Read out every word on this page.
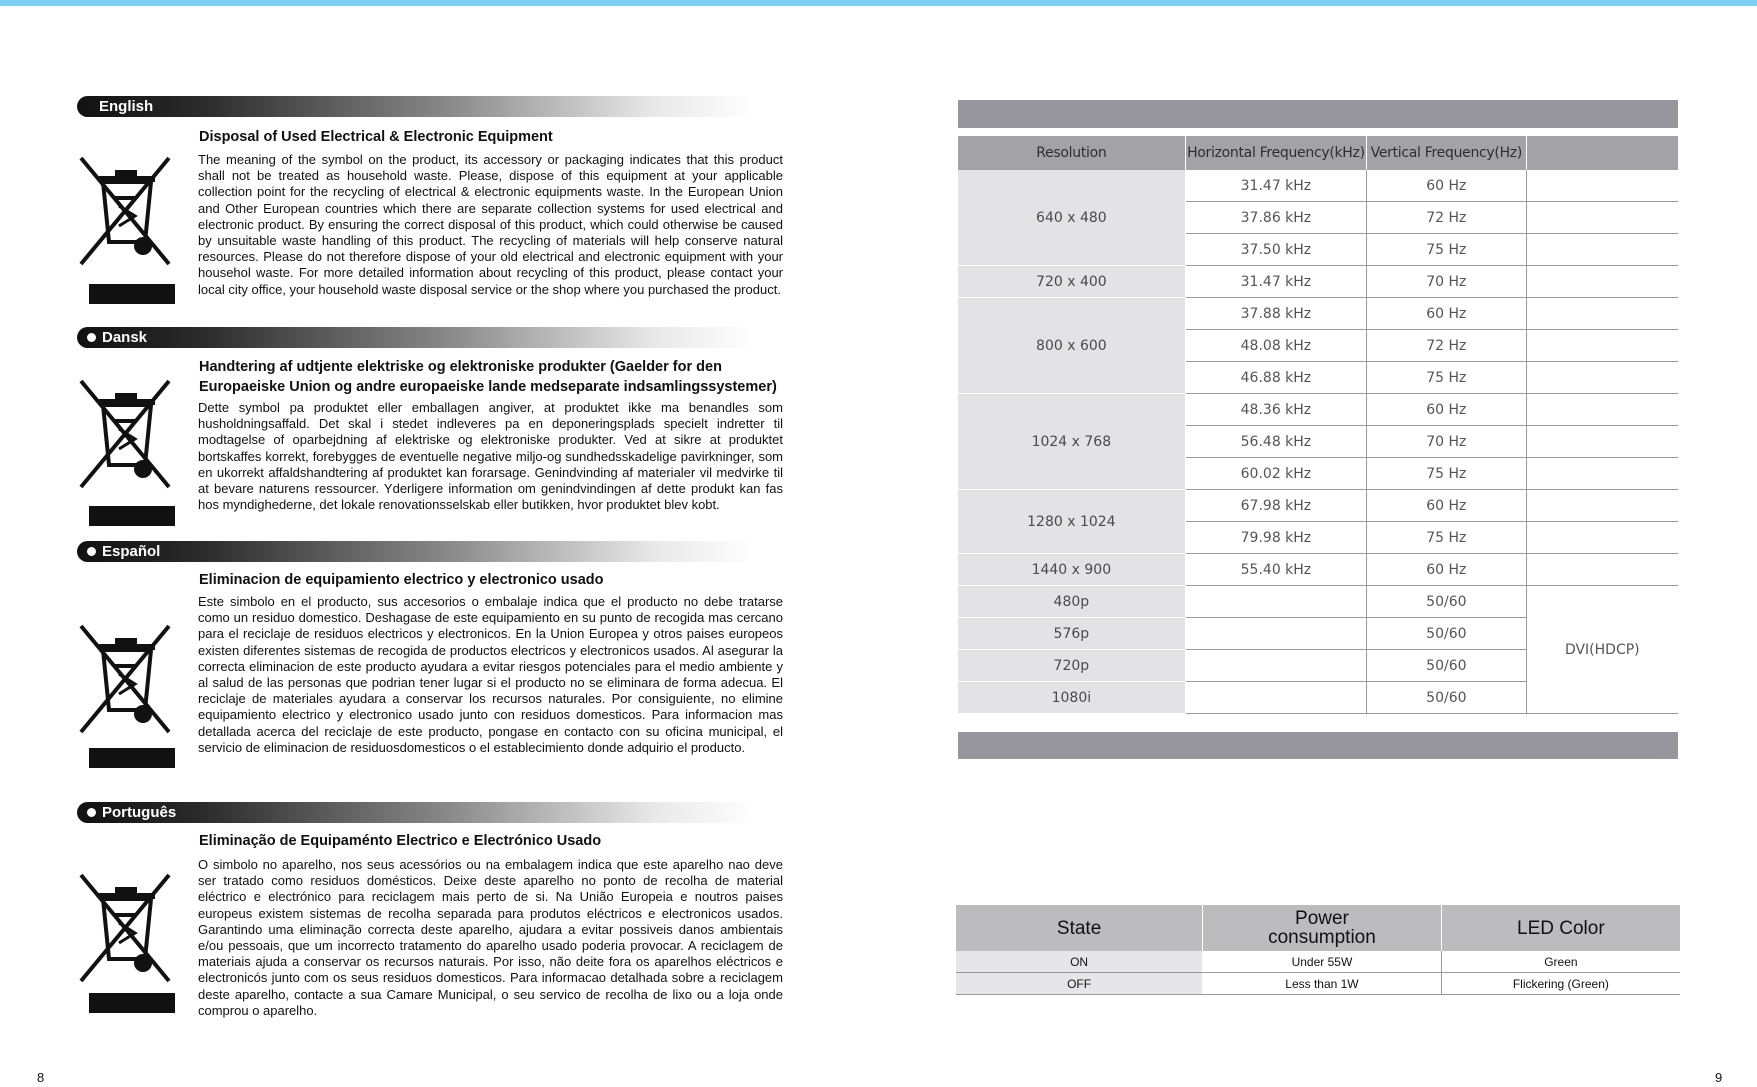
English
Disposal of Used Electrical & Electronic Equipment
The meaning of the symbol on the product, its accessory or packaging indicates that this product shall not be treated as household waste. Please, dispose of this equipment at your applicable collection point for the recycling of electrical & electronic equipments waste. In the European Union and Other European countries which there are separate collection systems for used electrical and electronic product. By ensuring the correct disposal of this product, which could otherwise be caused by unsuitable waste handling of this product. The recycling of materials will help conserve natural resources. Please do not therefore dispose of your old electrical and electronic equipment with your househol waste. For more detailed information about recycling of this product, please contact your local city office, your household waste disposal service or the shop where you purchased the product.
Dansk
Handtering af udtjente elektriske og elektroniske produkter (Gaelder for den Europaeiske Union og andre europaeiske lande medseparate indsamlingssystemer)
Dette symbol pa produktet eller emballagen angiver, at produktet ikke ma benandles som husholdningsaffald. Det skal i stedet indleveres pa en deponeringsplads specielt indretter til modtagelse of oparbejdning af elektriske og elektroniske produkter. Ved at sikre at produktet bortskaffes korrekt, forebygges de eventuelle negative miljo-og sundhedsskadelige pavirkninger, som en ukorrekt affaldshandtering af produktet kan forarsage. Genindvinding af materialer vil medvirke til at bevare naturens ressourcer. Yderligere information om genindvindingen af dette produkt kan fas hos myndighederne, det lokale renovationsselskab eller butikken, hvor produktet blev kobt.
Español
Eliminacion de equipamiento electrico y electronico usado
Este simbolo en el producto, sus accesorios o embalaje indica que el producto no debe tratarse como un residuo domestico. Deshagase de este equipamiento en su punto de recogida mas cercano para el reciclaje de residuos electricos y electronicos. En la Union Europea y otros paises europeos existen diferentes sistemas de recogida de productos electricos y electronicos usados. Al asegurar la correcta eliminacion de este producto ayudara a evitar riesgos potenciales para el medio ambiente y al salud de las personas que podrian tener lugar si el producto no se eliminara de forma adecua. El reciclaje de materiales ayudara a conservar los recursos naturales. Por consiguiente, no elimine equipamiento electrico y electronico usado junto con residuos domesticos. Para informacion mas detallada acerca del reciclaje de este producto, pongase en contacto con su oficina municipal, el servicio de eliminacion de residuosdomesticos o el establecimiento donde adquirio el producto.
Português
Eliminação de Equipaménto Electrico e Electrónico Usado
O simbolo no aparelho, nos seus acessórios ou na embalagem indica que este aparelho nao deve ser tratado como residuos domésticos. Deixe deste aparelho no ponto de recolha de material eléctrico e electrónico para reciclagem mais perto de si. Na União Europeia e noutros paises europeus existem sistemas de recolha separada para produtos eléctricos e electronicos usados. Garantindo uma eliminação correcta deste aparelho, ajudara a evitar possiveis danos ambientais e/ou pessoais, que um incorrecto tratamento do aparelho usado poderia provocar. A reciclagem de materiais ajuda a conservar os recursos naturais. Por isso, não deite fora os aparelhos eléctricos e electronicós junto com os seus residuos domesticos. Para informacao detalhada sobre a reciclagem deste aparelho, contacte a sua Camare Municipal, o seu servico de recolha de lixo ou a loja onde comprou o aparelho.
8
Resolution	Horizontal Frequency(kHz)	Vertical Frequency(Hz)	
640 x 480	31.47 kHz	60 Hz	
	37.86 kHz	72 Hz	
	37.50 kHz	75 Hz	
720 x 400	31.47 kHz	70 Hz	
800 x 600	37.88 kHz	60 Hz	
	48.08 kHz	72 Hz	
	46.88 kHz	75 Hz	
1024 x 768	48.36 kHz	60 Hz	
	56.48 kHz	70 Hz	
	60.02 kHz	75 Hz	
1280 x 1024	67.98 kHz	60 Hz	
	79.98 kHz	75 Hz	
1440 x 900	55.40 kHz	60 Hz	
480p		50/60	DVI(HDCP)
576p		50/60	
720p		50/60	
1080i		50/60	
State	Power consumption	LED Color
ON	Under 55W	Green
OFF	Less than 1W	Flickering (Green)
9
